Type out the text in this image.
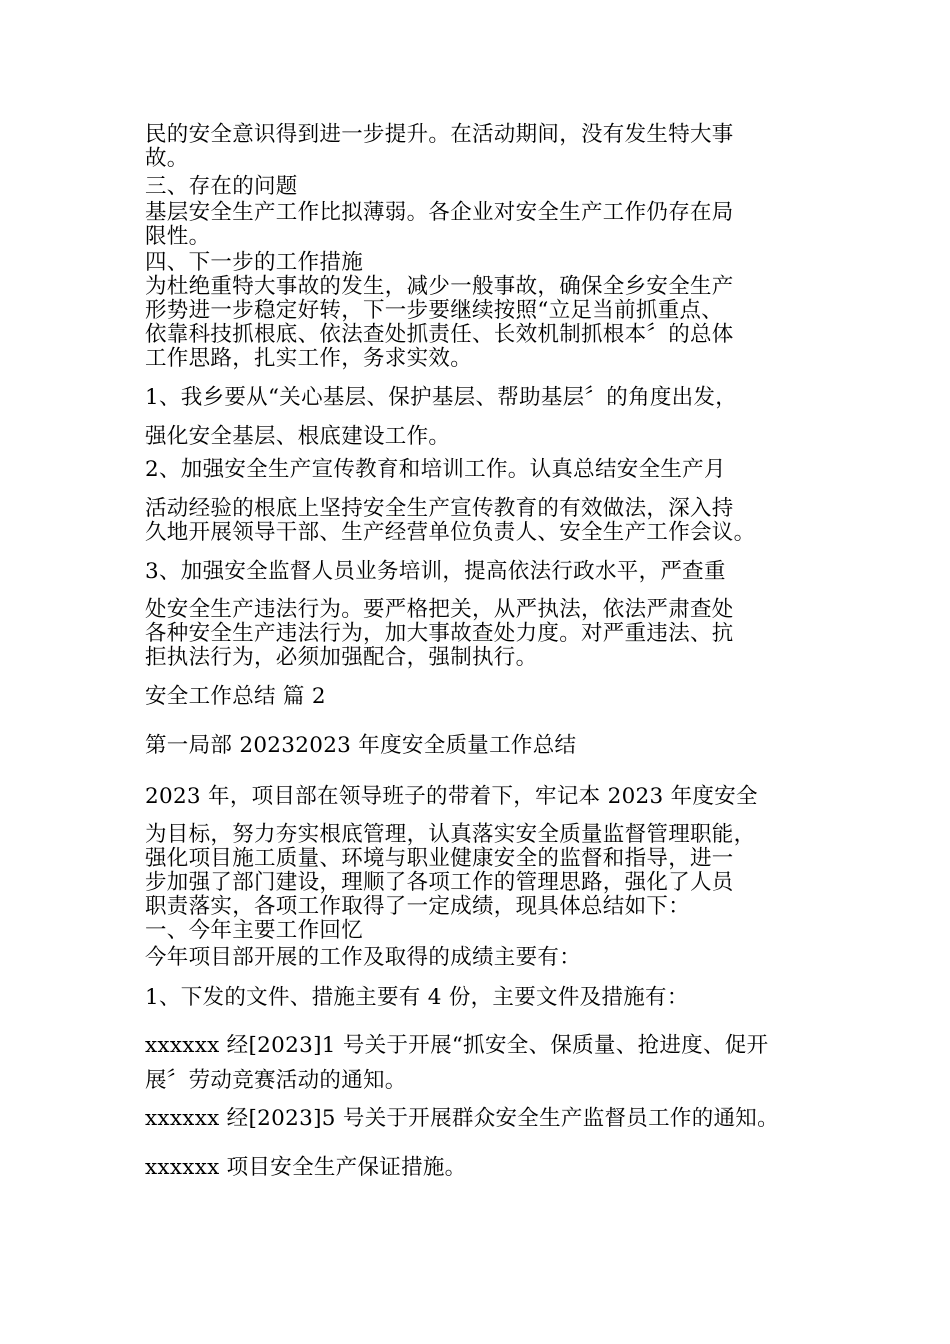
民的安全意识得到进一步提升。在活动期间，没有发生特大事
故。

三、存在的问题

基层安全生产工作比拟薄弱。各企业对安全生产工作仍存在局
限性。

四、下一步的工作措施

为杜绝重特大事故的发生，减少一般事故，确保全乡安全生产
形势进一步稳定好转，下一步要继续按照“立足当前抓重点、
依靠科技抓根底、依法查处抓责任、长效机制抓根本〞的总体
工作思路，扎实工作，务求实效。

1、我乡要从“关心基层、保护基层、帮助基层〞的角度出发，

强化安全基层、根底建设工作。

2、加强安全生产宣传教育和培训工作。认真总结安全生产月

活动经验的根底上坚持安全生产宣传教育的有效做法，深入持
久地开展领导干部、生产经营单位负责人、安全生产工作会议。

3、加强安全监督人员业务培训，提高依法行政水平，严查重

处安全生产违法行为。要严格把关，从严执法，依法严肃查处
各种安全生产违法行为，加大事故查处力度。对严重违法、抗
拒执法行为，必须加强配合，强制执行。

安全工作总结 篇 2

第一局部 20232023 年度安全质量工作总结

2023 年，项目部在领导班子的带着下，牢记本 2023 年度安全

为目标，努力夯实根底管理，认真落实安全质量监督管理职能，
强化项目施工质量、环境与职业健康安全的监督和指导，进一
步加强了部门建设，理顺了各项工作的管理思路，强化了人员
职责落实，各项工作取得了一定成绩，现具体总结如下：

一、今年主要工作回忆

今年项目部开展的工作及取得的成绩主要有：

1、下发的文件、措施主要有 4 份，主要文件及措施有：

xxxxxx 经[2023]1 号关于开展“抓安全、保质量、抢进度、促开

展〞劳动竞赛活动的通知。

xxxxxx 经[2023]5 号关于开展群众安全生产监督员工作的通知。

xxxxxx 项目安全生产保证措施。
